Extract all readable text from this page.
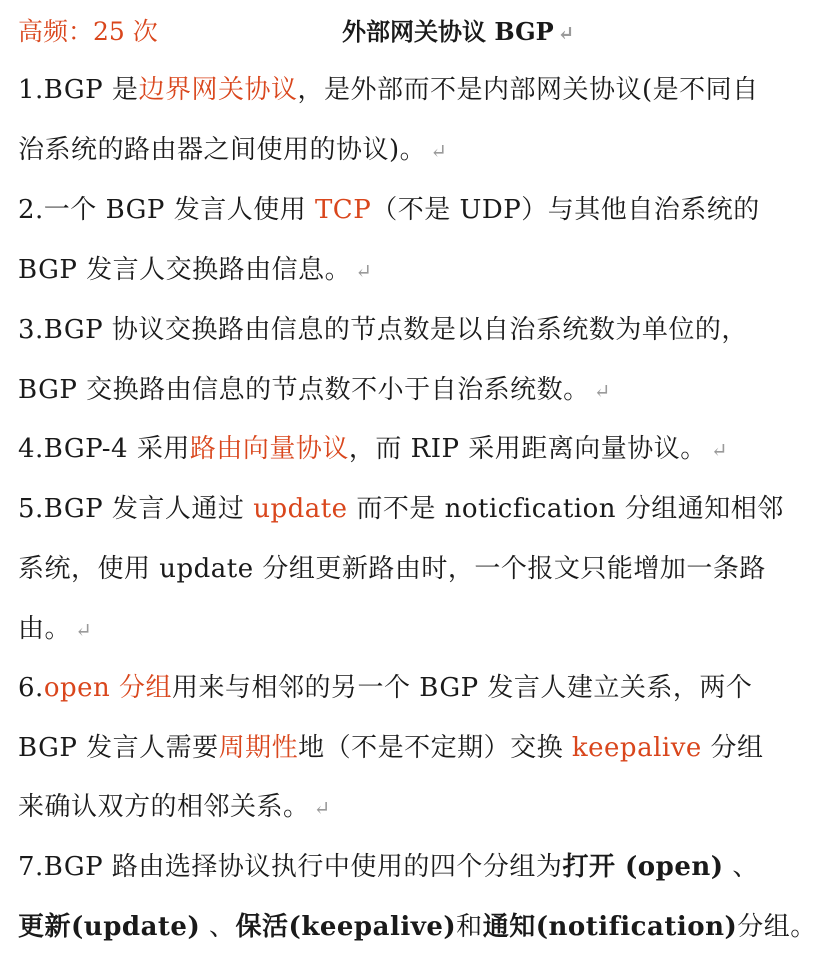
高频：25 次	外部网关协议 BGP ↵
1.BGP 是边界网关协议，是外部而不是内部网关协议(是不同自
治系统的路由器之间使用的协议)。 ↵
2.一个 BGP 发言人使用 TCP（不是 UDP）与其他自治系统的
BGP 发言人交换路由信息。 ↵
3.BGP 协议交换路由信息的节点数是以自治系统数为单位的，
BGP 交换路由信息的节点数不小于自治系统数。 ↵
4.BGP-4 采用路由向量协议，而 RIP 采用距离向量协议。 ↵
5.BGP 发言人通过 update 而不是 noticfication 分组通知相邻
系统，使用 update 分组更新路由时，一个报文只能增加一条路
由。 ↵
6.open 分组用来与相邻的另一个 BGP 发言人建立关系，两个
BGP 发言人需要周期性地（不是不定期）交换 keepalive 分组
来确认双方的相邻关系。 ↵
7.BGP 路由选择协议执行中使用的四个分组为打开 (open) 、
更新(update) 、保活(keepalive)和通知(notification)分组。
